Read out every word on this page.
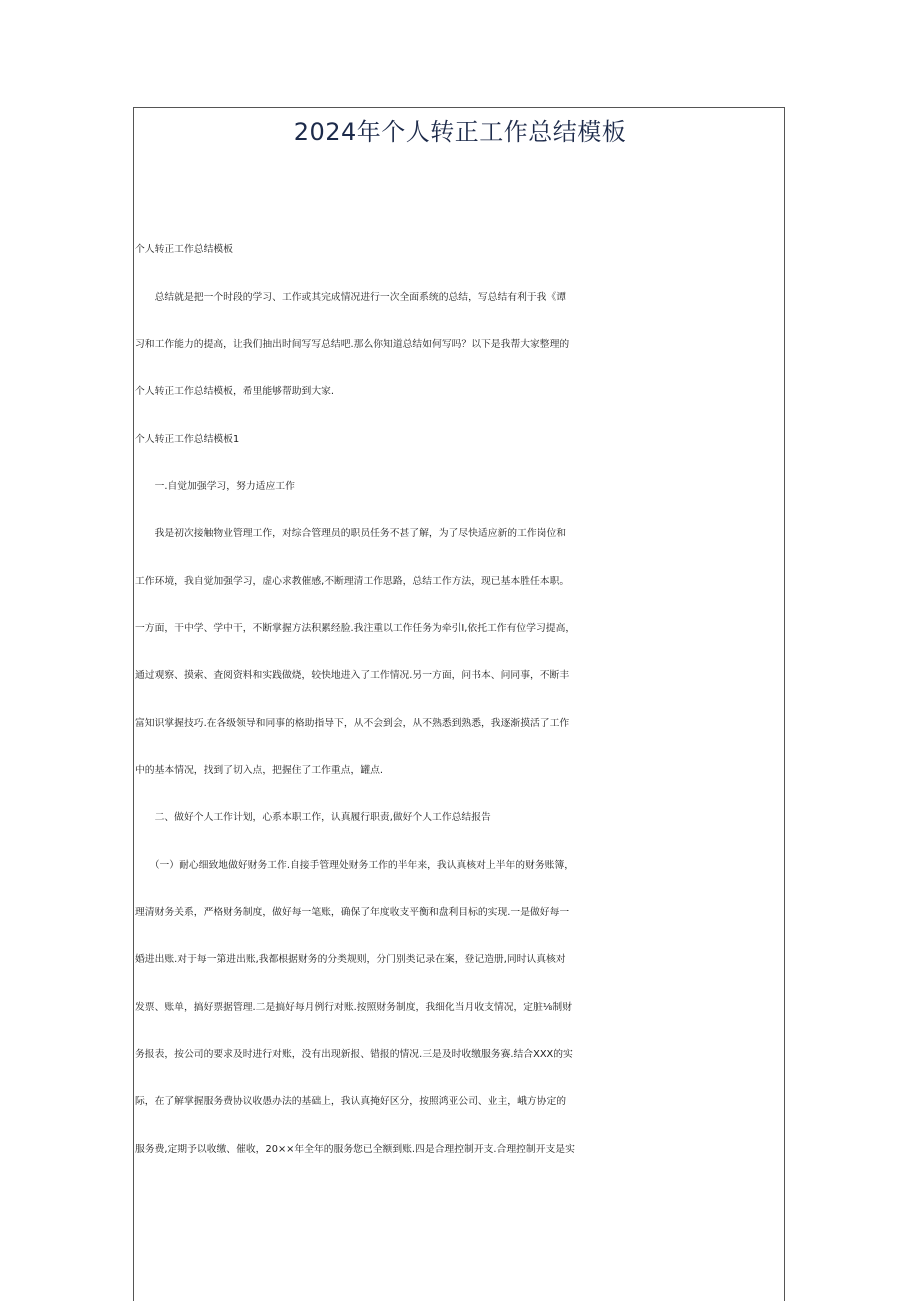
2024年个人转正工作总结模板
个人转正工作总结模板
　　总结就是把一个时段的学习、工作或其完成情况进行一次全面系统的总结，写总结有利于我《谭
习和工作能力的提高，让我们抽出时间写写总结吧.那么你知道总结如何写吗？以下是我帮大家整理的
个人转正工作总结模板，希里能够帮助到大家.
个人转正工作总结模板1
　　一.自觉加强学习，努力适应工作
　　我是初次接触物业管理工作，对综合管理员的职员任务不甚了解，为了尽快适应新的工作岗位和
工作环境，我自觉加强学习，虚心求教催感,不断理清工作思路，总结工作方法，现已基本胜任本职。
一方面，干中学、学中干，不断掌握方法积累经脸.我注重以工作任务为牵引I,依托工作有位学习提高，
通过观察、摸索、査阅资料和实践做烧，较快地进入了工作情况.另一方面，问书本、问同事，不断丰
富知识掌握技巧.在各级领导和同事的格助指导下，从不会到会，从不熟悉到熟悉，我逐渐摸活了工作
中的基本情况，找到了切入点，把握住了工作重点，罐点.
　　二、做好个人工作计划，心系本职工作，认真履行职责,做好个人工作总结报告
　　（一）耐心细致地做好财务工作.自接手管理处财务工作的半年来，我认真核对上半年的财务账簿，
理清财务关系，严格财务制度，做好每一笔账，确保了年度收支平衡和盘利目标的实现.一是做好每一
婚进出账.对于每一第进出账,我都根据财务的分类规则，分门别类记录在案，登记造册,同时认真核对
发票、账单，搞好票据管理.二是搞好每月例行对账.按照财务制度，我细化当月收支情况，定脏⅛制财
务报表，按公司的要求及时进行对账，没有出现新报、错报的情况.三是及时收缴服务赛.结合XXX的实
际，在了解掌握服务费协议收愚办法的基础上，我认真掩好区分，按照鸿亚公司、业主，峨方协定的
服务费,定期予以收缴、催收，20××年全年的服务您已全额到账.四是合理控制开支.合理控制开支是实
